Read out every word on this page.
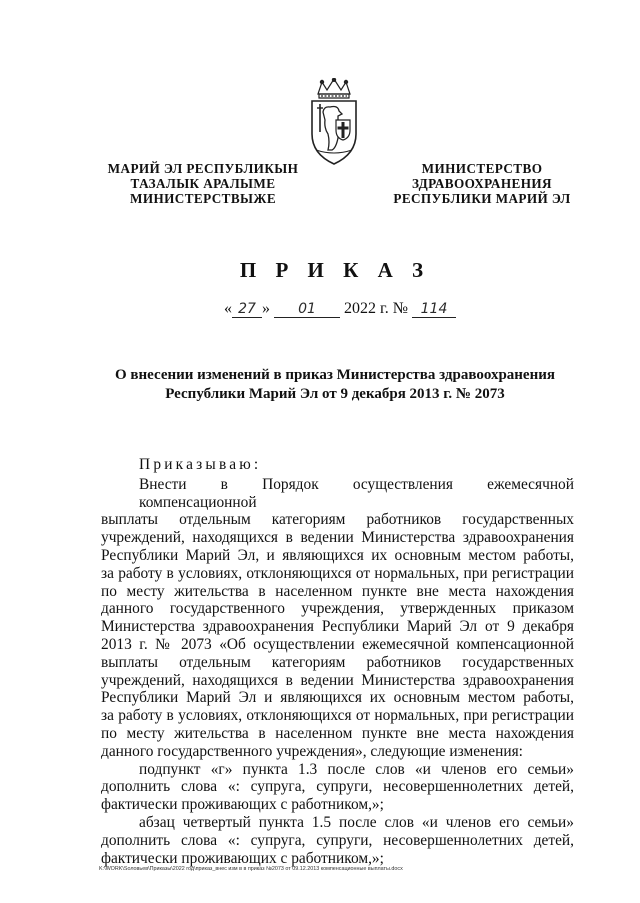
МАРИЙ ЭЛ РЕСПУБЛИКЫН
ТАЗАЛЫК АРАЛЫМЕ
МИНИСТЕРСТВЫЖЕ
МИНИСТЕРСТВО
ЗДРАВООХРАНЕНИЯ
РЕСПУБЛИКИ МАРИЙ ЭЛ
П Р И К А З
« 27 » 01 2022 г. № 114
О внесении изменений в приказ Министерства здравоохранения
Республики Марий Эл от 9 декабря 2013 г. № 2073

Приказываю:

Внести в Порядок осуществления ежемесячной компенсационной

выплаты отдельным категориям работников государственных

учреждений, находящихся в ведении Министерства здравоохранения

Республики Марий Эл, и являющихся их основным местом работы,

за работу в условиях, отклоняющихся от нормальных, при регистрации

по месту жительства в населенном пункте вне места нахождения

данного государственного учреждения, утвержденных приказом

Министерства здравоохранения Республики Марий Эл от 9 декабря

2013 г. № 2073 «Об осуществлении ежемесячной компенсационной

выплаты отдельным категориям работников государственных

учреждений, находящихся в ведении Министерства здравоохранения

Республики Марий Эл и являющихся их основным местом работы,

за работу в условиях, отклоняющихся от нормальных, при регистрации

по месту жительства в населенном пункте вне места нахождения

данного государственного учреждения», следующие изменения:

подпункт «г» пункта 1.3 после слов «и членов его семьи»

дополнить слова «: супруга, супруги, несовершеннолетних детей,

фактически проживающих с работником,»;

абзац четвертый пункта 1.5 после слов «и членов его семьи»

дополнить слова «: супруга, супруги, несовершеннолетних детей,

фактически проживающих с работником,»;

K:\WORK\Sоловьев\Приказы\2022 год\приказ_внес изм в в приказ №2073 от 09.12.2013 компенсационные выплаты.docx
